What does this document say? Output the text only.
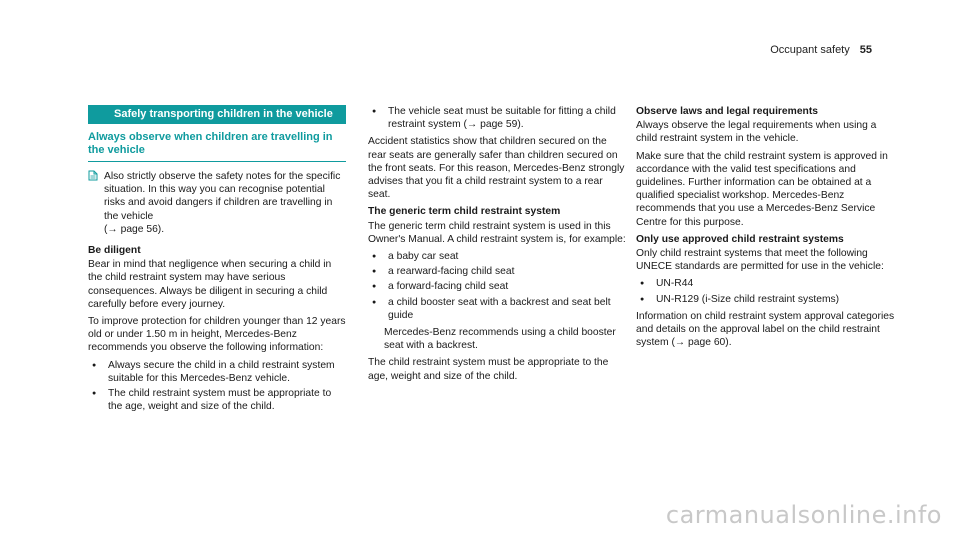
Occupant safety 55
Safely transporting children in the vehicle
Always observe when children are travelling in the vehicle

Also strictly observe the safety notes for the specific situation. In this way you can recognise potential risks and avoid dangers if children are travelling in the vehicle
(→ page 56).

Be diligent

Bear in mind that negligence when securing a child in the child restraint system may have serious consequences. Always be diligent in securing a child carefully before every journey.

To improve protection for children younger than 12 years old or under 1.50 m in height, Mercedes-Benz recommends you observe the following information:

●	Always secure the child in a child restraint system suitable for this Mercedes-Benz vehicle.
●	The child restraint system must be appropriate to the age, weight and size of the child.
●	The vehicle seat must be suitable for fitting a child restraint system (→ page 59).

Accident statistics show that children secured on the rear seats are generally safer than children secured on the front seats. For this reason, Mercedes-Benz strongly advises that you fit a child restraint system to a rear seat.

The generic term child restraint system

The generic term child restraint system is used in this Owner's Manual. A child restraint system is, for example:

●	a baby car seat
●	a rearward-facing child seat
●	a forward-facing child seat
●	a child booster seat with a backrest and seat belt guide
Mercedes-Benz recommends using a child booster seat with a backrest.

The child restraint system must be appropriate to the age, weight and size of the child.

Observe laws and legal requirements

Always observe the legal requirements when using a child restraint system in the vehicle.

Make sure that the child restraint system is approved in accordance with the valid test specifications and guidelines. Further information can be obtained at a qualified specialist workshop. Mercedes-Benz recommends that you use a Mercedes-Benz Service Centre for this purpose.

Only use approved child restraint systems

Only child restraint systems that meet the following UNECE standards are permitted for use in the vehicle:

●	UN-R44
●	UN-R129 (i-Size child restraint systems)

Information on child restraint system approval categories and details on the approval label on the child restraint system (→ page 60).

carmanualsonline.info
